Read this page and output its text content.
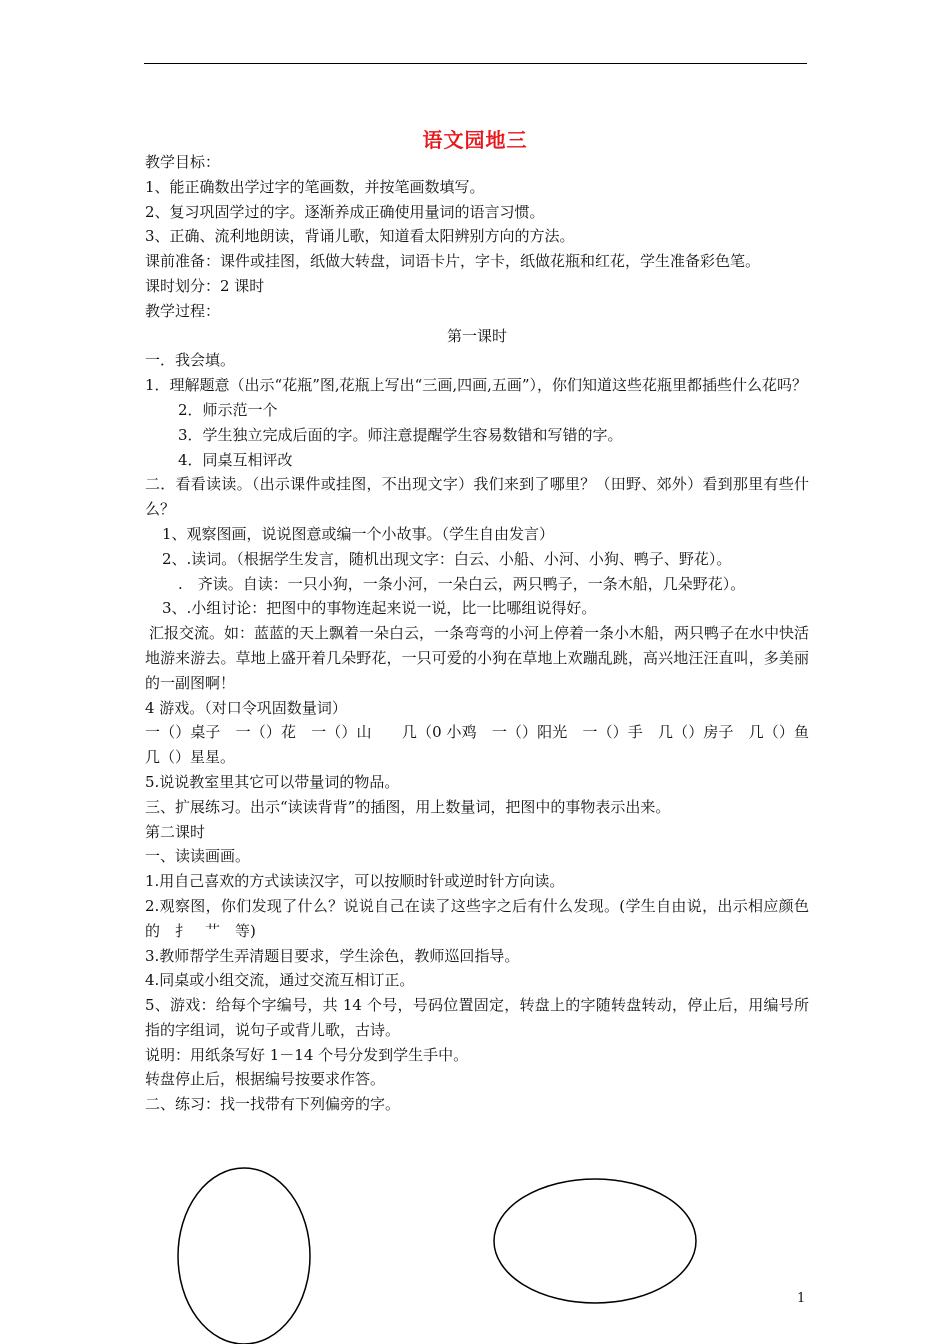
语文园地三
教学目标：
1、能正确数出学过字的笔画数，并按笔画数填写。
2、复习巩固学过的字。逐渐养成正确使用量词的语言习惯。
3、正确、流利地朗读，背诵儿歌，知道看太阳辨别方向的方法。
课前准备：课件或挂图，纸做大转盘，词语卡片，字卡，纸做花瓶和红花，学生准备彩色笔。
课时划分：2 课时
教学过程：
第一课时
一．我会填。
1．理解题意（出示“花瓶”图,花瓶上写出“三画,四画,五画”），你们知道这些花瓶里都插些什么花吗？
2．师示范一个
3．学生独立完成后面的字。师注意提醒学生容易数错和写错的字。
4．同桌互相评改
二．看看读读。（出示课件或挂图，不出现文字）我们来到了哪里？（田野、郊外）看到那里有些什么？
1、观察图画，说说图意或编一个小故事。（学生自由发言）
2、.读词。（根据学生发言，随机出现文字：白云、小船、小河、小狗、鸭子、野花）。
.　齐读。自读：一只小狗，一条小河，一朵白云，两只鸭子，一条木船，几朵野花）。
3、.小组讨论：把图中的事物连起来说一说，比一比哪组说得好。
汇报交流。如：蓝蓝的天上飘着一朵白云，一条弯弯的小河上停着一条小木船，两只鸭子在水中快活地游来游去。草地上盛开着几朵野花，一只可爱的小狗在草地上欢蹦乱跳，高兴地汪汪直叫，多美丽的一副图啊！
4 游戏。（对口令巩固数量词）
一（）桌子　一（）花　一（）山　　几（0 小鸡　一（）阳光　一（）手　几（）房子　几（）鱼　几（）星星。
5.说说教室里其它可以带量词的物品。
三、扩展练习。出示“读读背背”的插图，用上数量词，把图中的事物表示出来。
第二课时
一、读读画画。
1.用自己喜欢的方式读读汉字，可以按顺时针或逆时针方向读。
2.观察图，你们发现了什么？说说自己在读了这些字之后有什么发现。(学生自由说，出示相应颜色的　扌　艹　等)
3.教师帮学生弄清题目要求，学生涂色，教师巡回指导。
4.同桌或小组交流，通过交流互相订正。
5、游戏：给每个字编号，共 14 个号，号码位置固定，转盘上的字随转盘转动，停止后，用编号所指的字组词，说句子或背儿歌，古诗。
说明：用纸条写好 1－14 个号分发到学生手中。
转盘停止后，根据编号按要求作答。
二、练习：找一找带有下列偏旁的字。
1
